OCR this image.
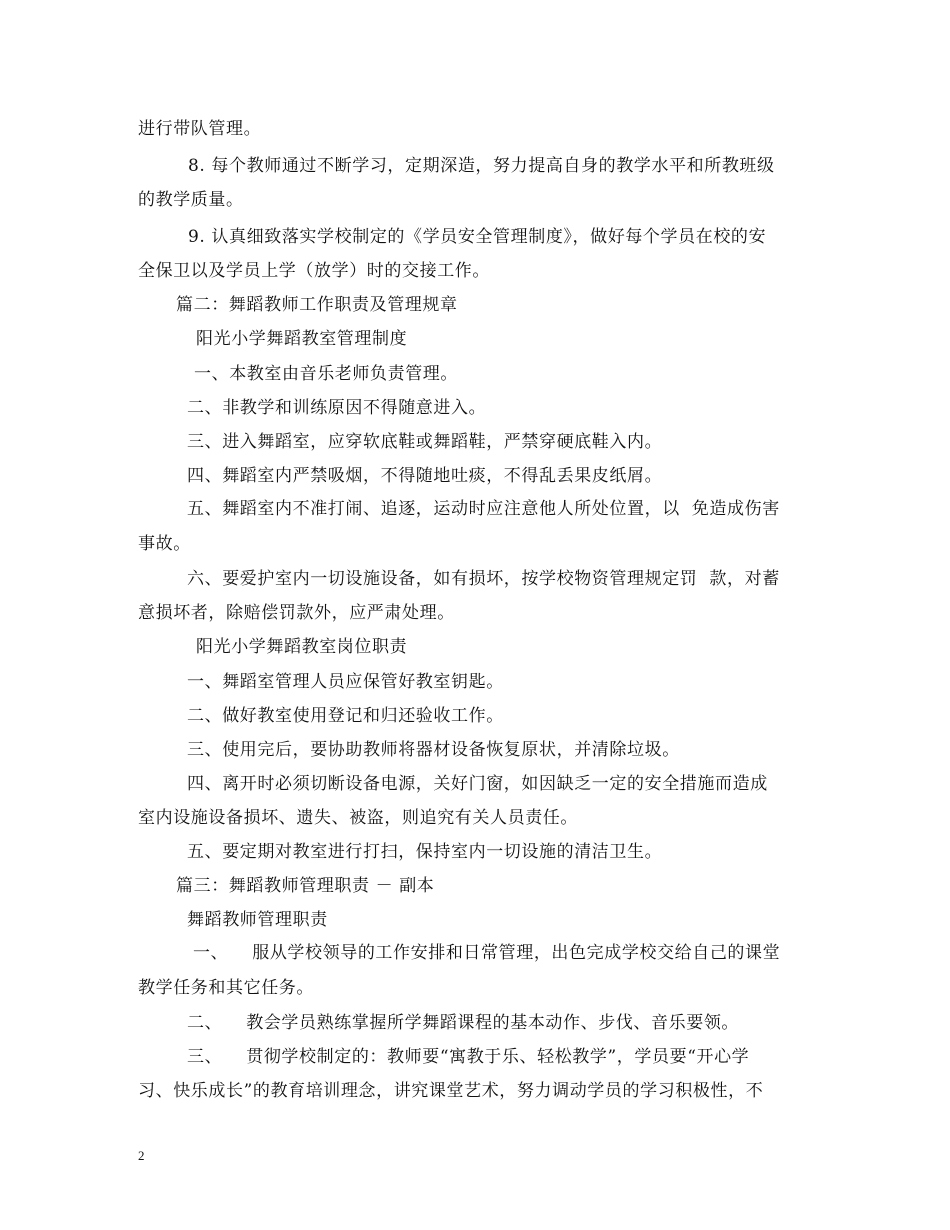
进行带队管理。
8. 每个教师通过不断学习，定期深造，努力提高自身的教学水平和所教班级
的教学质量。
9. 认真细致落实学校制定的《学员安全管理制度》，做好每个学员在校的安
全保卫以及学员上学（放学）时的交接工作。
篇二：舞蹈教师工作职责及管理规章
阳光小学舞蹈教室管理制度
一、本教室由音乐老师负责管理。
二、非教学和训练原因不得随意进入。
三、进入舞蹈室，应穿软底鞋或舞蹈鞋，严禁穿硬底鞋入内。
四、舞蹈室内严禁吸烟，不得随地吐痰，不得乱丢果皮纸屑。
五、舞蹈室内不准打闹、追逐，运动时应注意他人所处位置，以  免造成伤害
事故。
六、要爱护室内一切设施设备，如有损坏，按学校物资管理规定罚  款，对蓄
意损坏者，除赔偿罚款外，应严肃处理。
阳光小学舞蹈教室岗位职责
一、舞蹈室管理人员应保管好教室钥匙。
二、做好教室使用登记和归还验收工作。
三、使用完后，要协助教师将器材设备恢复原状，并清除垃圾。
四、离开时必须切断设备电源，关好门窗，如因缺乏一定的安全措施而造成
室内设施设备损坏、遗失、被盗，则追究有关人员责任。
五、要定期对教室进行打扫，保持室内一切设施的清洁卫生。
篇三：舞蹈教师管理职责 － 副本
舞蹈教师管理职责
一、    服从学校领导的工作安排和日常管理，出色完成学校交给自己的课堂
教学任务和其它任务。
二、    教会学员熟练掌握所学舞蹈课程的基本动作、步伐、音乐要领。
三、    贯彻学校制定的：教师要“寓教于乐、轻松教学”，学员要“开心学
习、快乐成长”的教育培训理念，讲究课堂艺术，努力调动学员的学习积极性，不
2
